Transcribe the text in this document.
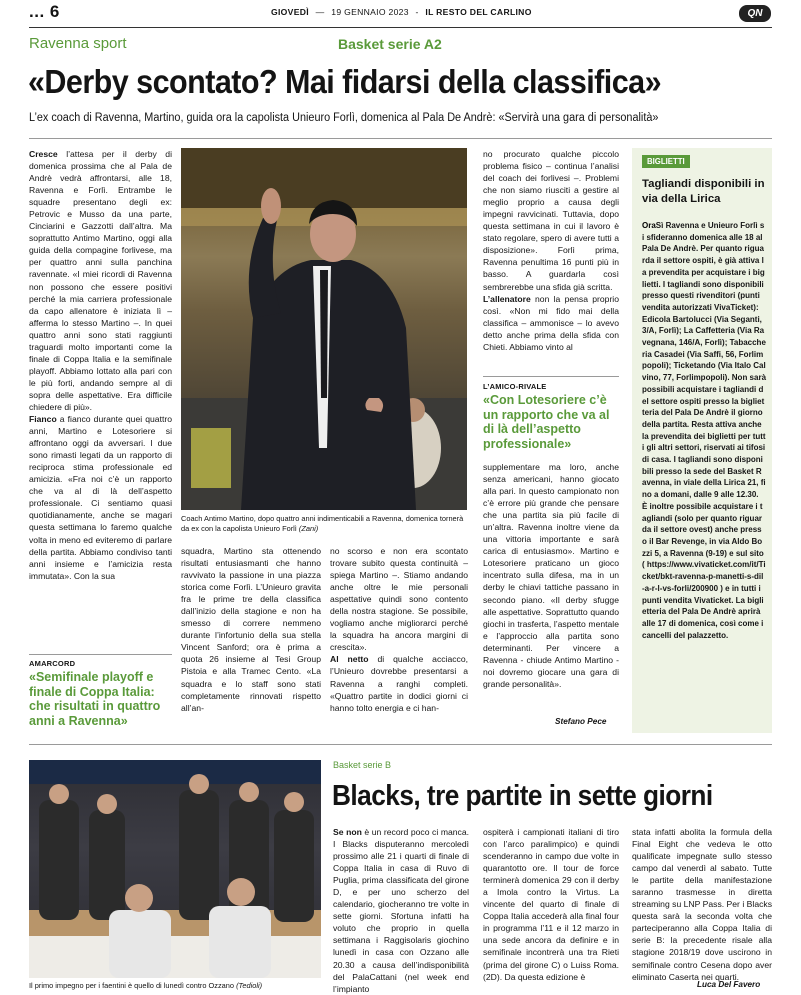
... 6	GIOVEDÌ — 19 GENNAIO 2023 - IL RESTO DEL CARLINO	QN
Ravenna sport	Basket serie A2
«Derby scontato? Mai fidarsi della classifica»
L’ex coach di Ravenna, Martino, guida ora la capolista Unieuro Forlì, domenica al Pala De Andrè: «Servirà una gara di personalità»

Cresce l’attesa per il derby di domenica prossima che al Pala de Andrè vedrà affrontarsi, alle 18, Ravenna e Forlì. Entrambe le squadre presentano degli ex: Petrovic e Musso da una parte, Cinciarini e Gazzotti dall’altra. Ma soprattutto Antimo Martino, oggi alla guida della compagine forlivese, ma per quattro anni sulla panchina ravennate. «I miei ricordi di Ravenna non possono che essere positivi perché la mia carriera professionale da capo allenatore è iniziata lì – afferma lo stesso Martino –. In quei quattro anni sono stati raggiunti traguardi molto importanti come la finale di Coppa Italia e la semifinale playoff. Abbiamo lottato alla pari con le più forti, andando sempre al di sopra delle aspettative. Era difficile chiedere di più».

Fianco a fianco durante quei quattro anni, Martino e Lotesoriere si affrontano oggi da avversari. I due sono rimasti legati da un rapporto di reciproca stima professionale ed amicizia. «Fra noi c’è un rapporto che va al di là dell’aspetto professionale. Ci sentiamo quasi quotidianamente, anche se magari questa settimana lo faremo qualche volta in meno ed eviteremo di parlare della partita. Abbiamo condiviso tanti anni insieme e l’amicizia resta immutata». Con la sua

AMARCORD
«Semifinale playoff e finale di Coppa Italia: che risultati in quattro anni a Ravenna»
Coach Antimo Martino, dopo quattro anni indimenticabili a Ravenna, domenica tornerà da ex con la capolista Unieuro Forlì (Zani)

squadra, Martino sta ottenendo risultati entusiasmanti che hanno ravvivato la passione in una piazza storica come Forlì. L’Unieuro gravita fra le prime tre della classifica dall’inizio della stagione e non ha smesso di correre nemmeno durante l’infortunio della sua stella Vincent Sanford; ora è prima a quota 26 insieme al Tesi Group Pistoia e alla Tramec Cento. «La squadra e lo staff sono stati completamente rinnovati rispetto all’an-

no scorso e non era scontato trovare subito questa continuità – spiega Martino –. Stiamo andando anche oltre le mie personali aspettative quindi sono contento della nostra stagione. Se possibile, vogliamo anche migliorarci perché la squadra ha ancora margini di crescita».

Al netto di qualche acciacco, l’Unieuro dovrebbe presentarsi a Ravenna a ranghi completi. «Quattro partite in dodici giorni ci hanno tolto energia e ci han-

no procurato qualche piccolo problema fisico – continua l’analisi del coach dei forlivesi –. Problemi che non siamo riusciti a gestire al meglio proprio a causa degli impegni ravvicinati. Tuttavia, dopo questa settimana in cui il lavoro è stato regolare, spero di avere tutti a disposizione». Forlì prima, Ravenna penultima 16 punti più in basso. A guardarla così sembrerebbe una sfida già scritta.

L’allenatore non la pensa proprio così. «Non mi fido mai della classifica – ammonisce – lo avevo detto anche prima della sfida con Chieti. Abbiamo vinto al

L’AMICO-RIVALE
«Con Lotesoriere c’è un rapporto che va al di là dell’aspetto professionale»

supplementare ma loro, anche senza americani, hanno giocato alla pari. In questo campionato non c’è errore più grande che pensare che una partita sia più facile di un’altra. Ravenna inoltre viene da una vittoria importante e sarà carica di entusiasmo». Martino e Lotesoriere praticano un gioco incentrato sulla difesa, ma in un derby le chiavi tattiche passano in secondo piano. «Il derby sfugge alle aspettative. Soprattutto quando giochi in trasferta, l’aspetto mentale e l’approccio alla partita sono determinanti. Per vincere a Ravenna - chiude Antimo Martino - noi dovremo giocare una gara di grande personalità».

Stefano Pece
BIGLIETTI
Tagliandi disponibili in via della Lirica
OraSì Ravenna e Unieuro Forlì si sfideranno domenica alle 18 al Pala De Andrè. Per quanto riguarda il settore ospiti, è già attiva la prevendita per acquistare i biglietti. I tagliandi sono disponibili presso questi rivenditori (punti vendita autorizzati VivaTicket): Edicola Bartolucci (Via Seganti, 3/A, Forlì); La Caffetteria (Via Ravegnana, 146/A, Forlì); Tabaccheria Casadei (Via Saffi, 56, Forlimpopoli); Ticketando (Via Italo Calvino, 77, Forlimpopoli). Non sarà possibili acquistare i tagliandi del settore ospiti presso la biglietteria del Pala De Andrè il giorno della partita. Resta attiva anche la prevendita dei biglietti per tutti gli altri settori, riservati ai tifosi di casa. I tagliandi sono disponibili presso la sede del Basket Ravenna, in viale della Lirica 21, fino a domani, dalle 9 alle 12.30. È inoltre possibile acquistare i tagliandi (solo per quanto riguarda il settore ovest) anche presso il Bar Revenge, in via Aldo Bozzi 5, a Ravenna (9-19) e sul sito ( https://www.vivaticket.com/it/Ticket/bkt-ravenna-p-manetti-s-dil-a-r-l-vs-forli/200900 ) e in tutti i punti vendita Vivaticket. La biglietteria del Pala De Andrè aprirà alle 17 di domenica, così come i cancelli del palazzetto.
Il primo impegno per i faentini è quello di lunedì contro Ozzano (Tedioli)
Basket serie B
Blacks, tre partite in sette giorni

Se non è un record poco ci manca. I Blacks disputeranno mercoledì prossimo alle 21 i quarti di finale di Coppa Italia in casa di Ruvo di Puglia, prima classificata del girone D, e per uno scherzo del calendario, giocheranno tre volte in sette giorni. Sfortuna infatti ha voluto che proprio in quella settimana i Raggisolaris giochino lunedì in casa con Ozzano alle 20.30 a causa dell’indisponibilità del PalaCattani (nel week end l’impianto

ospiterà i campionati italiani di tiro con l’arco paralimpico) e quindi scenderanno in campo due volte in quarantotto ore. Il tour de force terminerà domenica 29 con il derby a Imola contro la Virtus. La vincente del quarto di finale di Coppa Italia accederà alla final four in programma l’11 e il 12 marzo in una sede ancora da definire e in semifinale incontrerà una tra Rieti (prima del girone C) o Luiss Roma. (2D). Da questa edizione è

stata infatti abolita la formula della Final Eight che vedeva le otto qualificate impegnate sullo stesso campo dal venerdì al sabato. Tutte le partite della manifestazione saranno trasmesse in diretta streaming su LNP Pass. Per i Blacks questa sarà la seconda volta che parteciperanno alla Coppa Italia di serie B: la precedente risale alla stagione 2018/19 dove uscirono in semifinale contro Cesena dopo aver eliminato Caserta nei quarti.

Luca Del Favero
